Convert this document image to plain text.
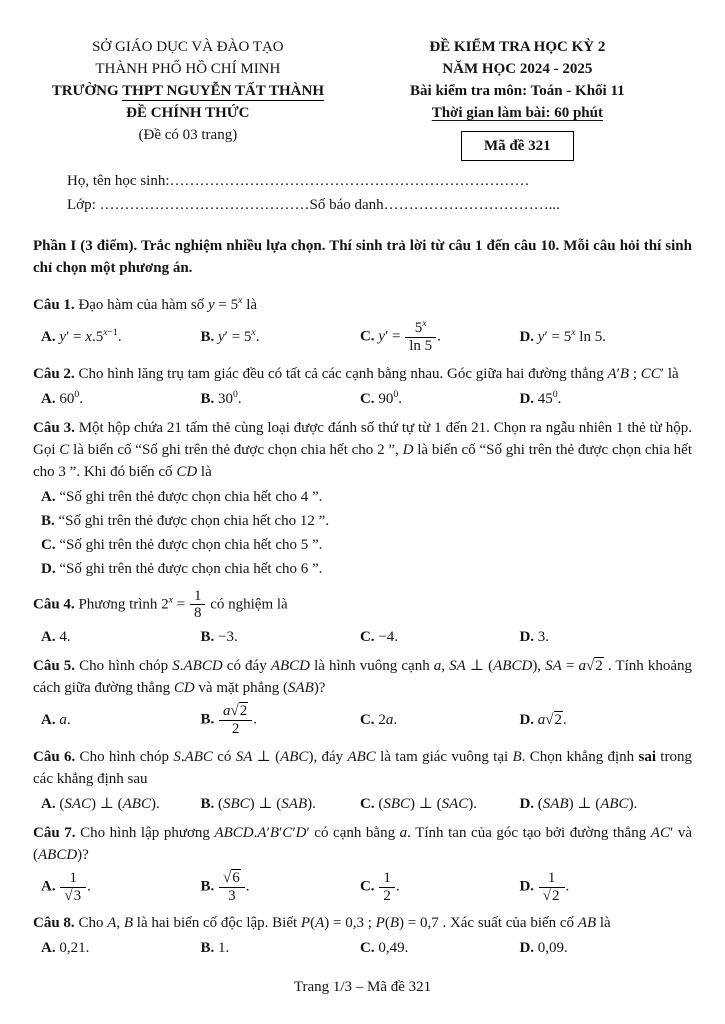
SỞ GIÁO DỤC VÀ ĐÀO TẠO
THÀNH PHỐ HỒ CHÍ MINH
TRƯỜNG THPT NGUYỄN TẤT THÀNH
ĐỀ CHÍNH THỨC
(Đề có 03 trang)
ĐỀ KIỂM TRA HỌC KỲ 2
NĂM HỌC 2024 - 2025
Bài kiểm tra môn: Toán - Khối 11
Thời gian làm bài: 60 phút
Mã đề 321
Họ, tên học sinh:………………………………………………………………
Lớp: ……………………………………Số báo danh……………………………...

Phần I (3 điểm). Trắc nghiệm nhiều lựa chọn. Thí sinh trả lời từ câu 1 đến câu 10. Mỗi câu hỏi thí sinh chỉ chọn một phương án.

Câu 1. Đạo hàm của hàm số $y = 5^x$ là

A. $y' = x.5^{x-1}$.	B. $y' = 5^x$.	C. $y' = \frac{5^x}{\ln 5}$ .	D. $y' = 5^x$ ln 5.

Câu 2. Cho hình lăng trụ tam giác đều có tất cả các cạnh bằng nhau. Góc giữa hai đường thẳng A′B ; CC′ là

A. $60^0$.	B. $30^0$.	C. $90^0$.	D. $45^0$.

Câu 3. Một hộp chứa 21 tấm thẻ cùng loại được đánh số thứ tự từ 1 đến 21. Chọn ra ngẫu nhiên 1 thẻ từ hộp. Gọi C là biến cố “Số ghi trên thẻ được chọn chia hết cho 2 ”, D là biến cố “Số ghi trên thẻ được chọn chia hết cho 3 ”. Khi đó biến cố CD là

A. “Số ghi trên thẻ được chọn chia hết cho 4 ”.
B. “Số ghi trên thẻ được chọn chia hết cho 12 ”.
C. “Số ghi trên thẻ được chọn chia hết cho 5 ”.
D. “Số ghi trên thẻ được chọn chia hết cho 6 ”.

Câu 4. Phương trình $2^x = \frac{1}{8}$ có nghiệm là

A. 4.	B. −3.	C. −4.	D. 3.

Câu 5. Cho hình chóp S.ABCD có đáy ABCD là hình vuông cạnh a, SA ⊥ (ABCD), SA = a√2 . Tính khoảng cách giữa đường thẳng CD và mặt phẳng (SAB)?

A. a.	B. $\frac{a√2}{2}$ .	C. 2a.	D. a√2.

Câu 6. Cho hình chóp S.ABC có SA ⊥ (ABC), đáy ABC là tam giác vuông tại B. Chọn khẳng định sai trong các khẳng định sau

A. (SAC) ⊥ (ABC).	B. (SBC) ⊥ (SAB).	C. (SBC) ⊥ (SAC).	D. (SAB) ⊥ (ABC).

Câu 7. Cho hình lập phương ABCD.A′B′C′D′ có cạnh bằng a. Tính tan của góc tạo bởi đường thẳng AC′ và (ABCD)?

A. $\frac{1}{√3}$ .	B. $\frac{√6}{3}$ .	C. $\frac{1}{2}$ .	D. $\frac{1}{√2}$ .

Câu 8. Cho A, B là hai biến cố độc lập. Biết P(A) = 0,3 ; P(B) = 0,7 . Xác suất của biến cố AB là

A. 0,21.	B. 1.	C. 0,49.	D. 0,09.
Trang 1/3 – Mã đề 321
